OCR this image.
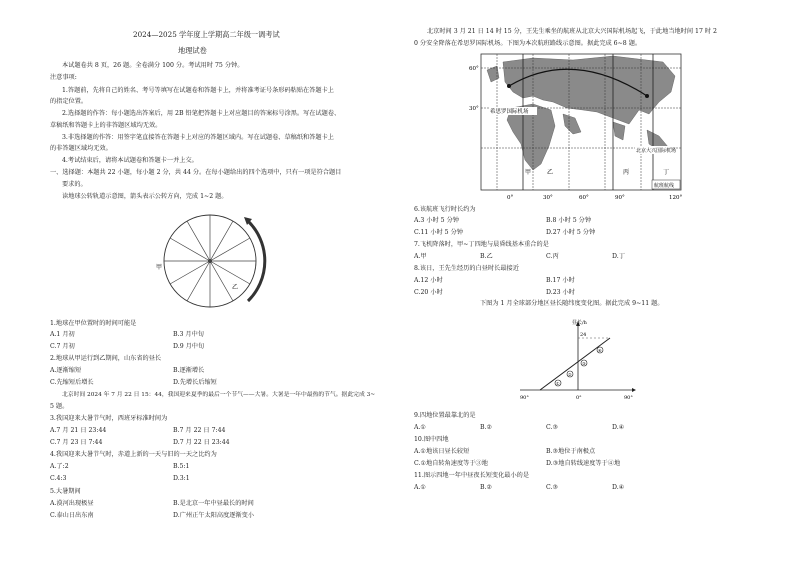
2024—2025 学年度上学期高二年级一调考试
地理试卷
本试题卷共 8 页，26 题。全卷满分 100 分。考试用时 75 分钟。
注意事项:
1.答题前，先将自己的姓名、考号等填写在试题卷和答题卡上，并将准考证号条形码粘贴在答题卡上
的指定位置。
2.选择题的作答：每小题选出答案后，用 2B 铅笔把答题卡上对应题目的答案标号涂黑。写在试题卷、
草稿纸和答题卡上的非答题区域均无效。
3.非选择题的作答：用签字笔直接答在答题卡上对应的答题区域内。写在试题卷、草稿纸和答题卡上
的非答题区域均无效。
4.考试结束后，请将本试题卷和答题卡一并上交。
一、选择题：本题共 22 小题，每小题 2 分，共 44 分。在每小题给出的四个选项中，只有一项是符合题目
要求的。
读地球公转轨道示意图，箭头表示公转方向，完成 1~2 题。
甲
乙
1.地球在甲位置时的时间可能是
A.1 月初	B.3 月中旬
C.7 月初	D.9 月中旬
2.地球从甲运行到乙期间，山东省的昼长
A.逐渐缩短	B.逐渐增长
C.先缩短后增长	D.先增长后缩短
北京时间 2024 年 7 月 22 日 15：44，我国迎来夏季的最后一个节气——大暑。大暑是一年中最热的节气。据此完成 3~
5 题。
3.我国迎来大暑节气时，西班牙标准时间为
A.7 月 21 日 23:44	B.7 月 22 日 7:44
C.7 月 23 日 7:44	D.7 月 22 日 23:44
4.我国迎来大暑节气时，赤道上新的一天与旧的一天之比约为
A.了:2	B.5:1
C.4:3	D.3:1
5.大暑期间
A.漠河出现极昼	B.是北京一年中昼最长的时间
C.泰山日出东南	D.广州正午太阳高度逐渐变小
北京时间 3 月 21 日 14 时 15 分，王先生乘坐的航班从北京大兴国际机场起飞，于此地当地时间 17 时 2
0 分安全降落在希思罗国际机场。下图为本次航班路线示意图。据此完成 6~8 题。
希思罗国际机场
北京大兴国际机场
60°
30°
甲	乙	丙	丁
航班航线
0°	30°	60°	90°	120°
6.该航班飞行时长约为
A.3 小时 5 分钟	B.8 小时 5 分钟
C.11 小时 5 分钟	D.27 小时 5 分钟
7.飞机降落时，甲~丁四地与晨昏线基本重合的是
A.甲	B.乙	C.丙	D.丁
8.该日，王先生经历的白昼时长最接近
A.12 小时	B.17 小时
C.20 小时	D.23 小时
下图为 1 月全球部分地区昼长随纬度变化图。据此完成 9~11 题。
①
②
③
④
昼长/h
24
90°	0°	90°
9.四地位置最靠北的是
A.①	B.②	C.③	D.④
10.图中四地
A.①地该日昼长较短	B.③地位于南极点
C.①地自转角速度等于③地	D.③地自转线速度等于④地
11.图示四地一年中昼夜长短变化最小的是
A.①	B.②	C.③	D.④
